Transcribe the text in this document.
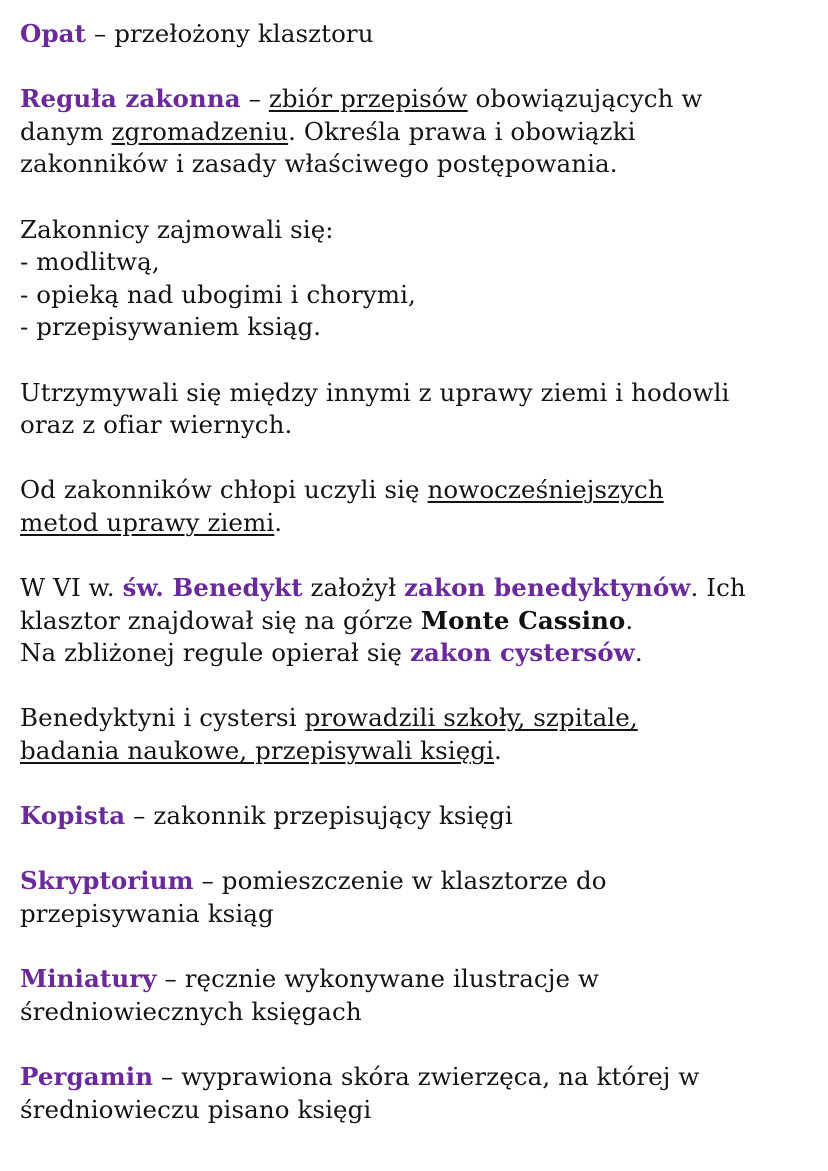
Opat – przełożony klasztoru

Reguła zakonna – zbiór przepisów obowiązujących w
danym zgromadzeniu. Określa prawa i obowiązki
zakonników i zasady właściwego postępowania.

Zakonnicy zajmowali się:
- modlitwą,
- opieką nad ubogimi i chorymi,
- przepisywaniem ksiąg.

Utrzymywali się między innymi z uprawy ziemi i hodowli
oraz z ofiar wiernych.

Od zakonników chłopi uczyli się nowocześniejszych
metod uprawy ziemi.

W VI w. św. Benedykt założył zakon benedyktynów. Ich
klasztor znajdował się na górze Monte Cassino.
Na zbliżonej regule opierał się zakon cystersów.

Benedyktyni i cystersi prowadzili szkoły, szpitale,
badania naukowe, przepisywali księgi.

Kopista – zakonnik przepisujący księgi

Skryptorium – pomieszczenie w klasztorze do
przepisywania ksiąg

Miniatury – ręcznie wykonywane ilustracje w
średniowiecznych księgach

Pergamin – wyprawiona skóra zwierzęca, na której w
średniowieczu pisano księgi
